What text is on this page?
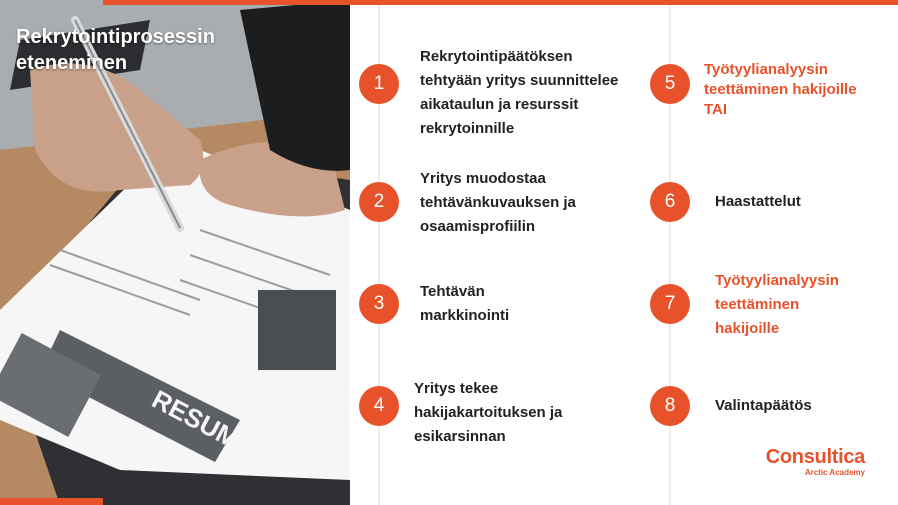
RESUME
Rekrytointiprosessin eteneminen
1
2
3
4
5
6
7
8

Rekrytointipäätöksen tehtyään yritys suunnittelee aikataulun ja resurssit rekrytoinnille

Yritys muodostaa tehtävänkuvauksen ja osaamisprofiilin

Tehtävän markkinointi

Yritys tekee hakijakartoituksen ja esikarsinnan

Työtyylianalyysin teettäminen hakijoille TAI

Haastattelut

Työtyylianalyysin teettäminen hakijoille

Valintapäätös

Consultica
Arctic Academy
